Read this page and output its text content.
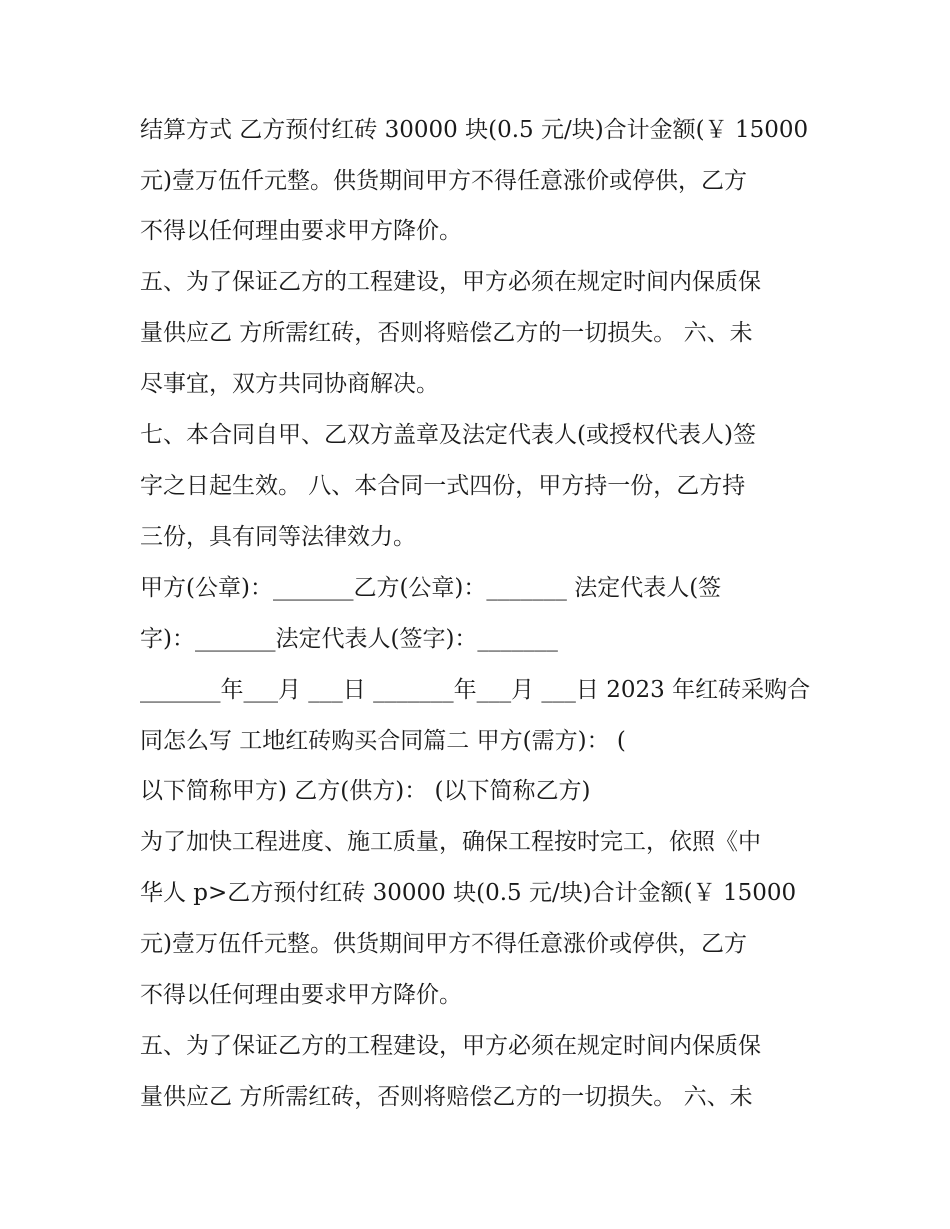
结算方式 乙方预付红砖 30000 块(0.5 元/块)合计金额(￥ 15000
元)壹万伍仟元整。供货期间甲方不得任意涨价或停供，乙方
不得以任何理由要求甲方降价。
五、为了保证乙方的工程建设，甲方必须在规定时间内保质保
量供应乙 方所需红砖，否则将赔偿乙方的一切损失。 六、未
尽事宜，双方共同协商解决。
七、本合同自甲、乙双方盖章及法定代表人(或授权代表人)签
字之日起生效。 八、本合同一式四份，甲方持一份，乙方持
三份，具有同等法律效力。
甲方(公章)：_______乙方(公章)：_______ 法定代表人(签
字)：_______法定代表人(签字)：_______
_______年___月 ___日 _______年___月 ___日 2023 年红砖采购合
同怎么写 工地红砖购买合同篇二 甲方(需方)： (
以下简称甲方) 乙方(供方)： (以下简称乙方)
为了加快工程进度、施工质量，确保工程按时完工，依照《中
华人 p>乙方预付红砖 30000 块(0.5 元/块)合计金额(￥ 15000
元)壹万伍仟元整。供货期间甲方不得任意涨价或停供，乙方
不得以任何理由要求甲方降价。
五、为了保证乙方的工程建设，甲方必须在规定时间内保质保
量供应乙 方所需红砖，否则将赔偿乙方的一切损失。 六、未
